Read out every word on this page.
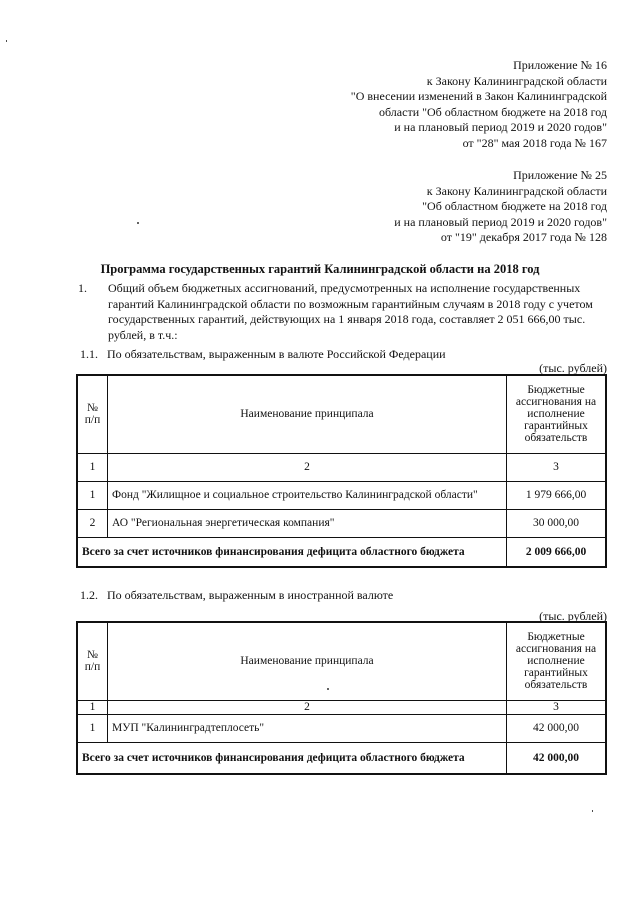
Приложение № 16
к Закону Калининградской области
"О внесении изменений в Закон Калининградской
области "Об областном бюджете на 2018 год
и на плановый период 2019 и 2020 годов"
от "28" мая 2018 года № 167
Приложение № 25
к Закону Калининградской области
"Об областном бюджете на 2018 год
и на плановый период 2019 и 2020 годов"
от "19" декабря 2017 года № 128
Программа государственных гарантий Калининградской области на 2018 год
1. Общий объем бюджетных ассигнований, предусмотренных на исполнение государственных гарантий Калининградской области по возможным гарантийным случаям в 2018 году с учетом государственных гарантий, действующих на 1 января 2018 года, составляет 2 051 666,00 тыс. рублей, в т.ч.:
1.1. По обязательствам, выраженным в валюте Российской Федерации
(тыс. рублей)
№ п/п	Наименование принципала	Бюджетные ассигнования на исполнение гарантийных обязательств
1	2	3
1	Фонд "Жилищное и социальное строительство Калининградской области"	1 979 666,00
2	АО "Региональная энергетическая компания"	30 000,00
Всего за счет источников финансирования дефицита областного бюджета		2 009 666,00
1.2. По обязательствам, выраженным в иностранной валюте
(тыс. рублей)
№ п/п	Наименование принципала	Бюджетные ассигнования на исполнение гарантийных обязательств
1	2	3
1	МУП "Калининградтеплосеть"	42 000,00
Всего за счет источников финансирования дефицита областного бюджета		42 000,00
